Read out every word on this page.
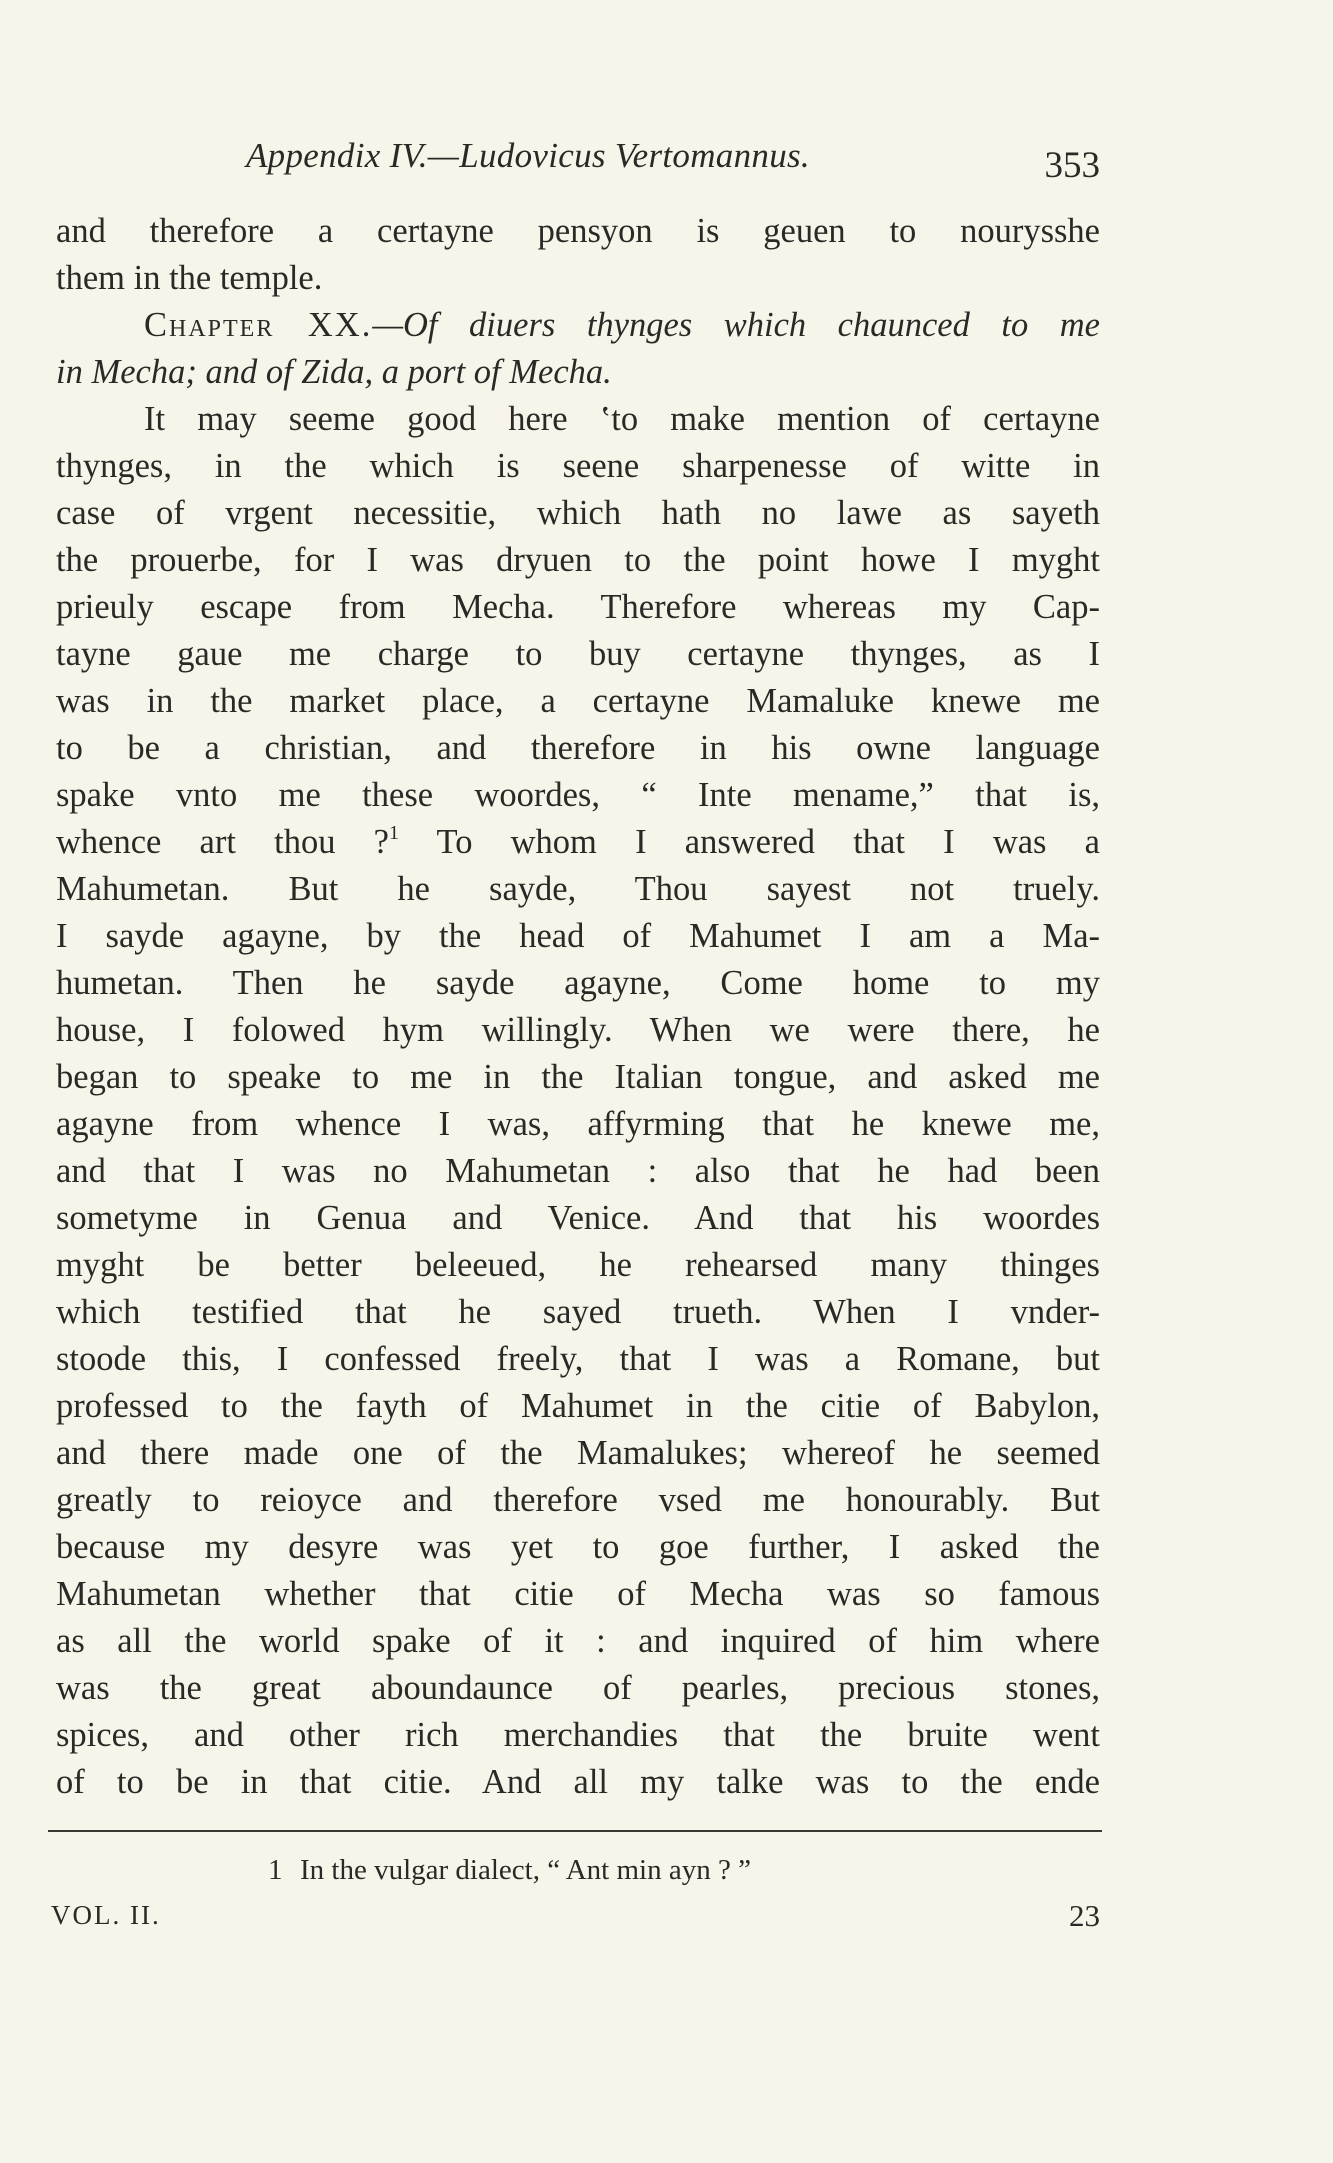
Appendix IV.—Ludovicus Vertomannus.	353
and therefore a certayne pensyon is geuen to nourysshe
them in the temple.
Chapter XX.—Of diuers thynges which chaunced to me
in Mecha; and of Zida, a port of Mecha.
It may seeme good here ‛to make mention of certayne
thynges, in the which is seene sharpenesse of witte in
case of vrgent necessitie, which hath no lawe as sayeth
the prouerbe, for I was dryuen to the point howe I myght
prieuly escape from Mecha. Therefore whereas my Cap-
tayne gaue me charge to buy certayne thynges, as I
was in the market place, a certayne Mamaluke knewe me
to be a christian, and therefore in his owne language
spake vnto me these woordes, “ Inte mename,” that is,
whence art thou ?$^1$ To whom I answered that I was a
Mahumetan. But he sayde, Thou sayest not truely.
I sayde agayne, by the head of Mahumet I am a Ma-
humetan. Then he sayde agayne, Come home to my
house, I folowed hym willingly. When we were there, he
began to speake to me in the Italian tongue, and asked me
agayne from whence I was, affyrming that he knewe me,
and that I was no Mahumetan : also that he had been
sometyme in Genua and Venice. And that his woordes
myght be better beleeued, he rehearsed many thinges
which testified that he sayed trueth. When I vnder-
stoode this, I confessed freely, that I was a Romane, but
professed to the fayth of Mahumet in the citie of Babylon,
and there made one of the Mamalukes; whereof he seemed
greatly to reioyce and therefore vsed me honourably. But
because my desyre was yet to goe further, I asked the
Mahumetan whether that citie of Mecha was so famous
as all the world spake of it : and inquired of him where
was the great aboundaunce of pearles, precious stones,
spices, and other rich merchandies that the bruite went
of to be in that citie. And all my talke was to the ende
1 In the vulgar dialect, “ Ant min ayn ? ”
VOL. II.	23
